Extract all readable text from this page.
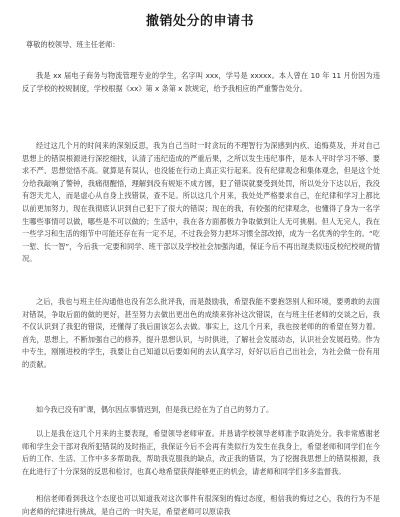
撤销处分的申请书

尊敬的校领导、班主任老师：

我是 xx 届电子商务与物流管理专业的学生，名字叫 xxx，学号是 xxxxx。本人曾在 10 年 11 月份因为违反了学校的校规制度，学校根据《xx》第 x 条第 x 款规定，给予我相应的严重警告处分。

经过这几个月的时间来的深刻反思，我为自己当时一时贪玩的不理智行为深感到内疚、追悔莫及，并对自己思想上的错误根源进行深挖细找，认清了违纪造成的严重后果，之所以发生违纪事件，是本人平时学习不够、要求不严、思想觉悟不高。就算是有误认，也没能在行动上真正实行起来。没有纪律观念和集体观念，但是这个处分给我敲响了警钟，我痛彻醒悟，理解到没有规矩不成方圆，犯了错误就要受到处罚，所以处分下达以后，我没有怨天尤人，而是虚心从自身上找错误，查不足。所以这几个月来，我处处严格要求自己，在纪律和学习上都比以前更加努力，现在我彻底认识到自己犯下了很大的错误；现在的我，有较强的纪律观念，也懂得了身为一名学生哪些事情可以做，哪些是不可以做的；生活中，我在各方面都极力争取做到让人无可挑剔。但人无完人，我在一些学习和生活的细节中可能还存在有一定不足，不过我会努力把坏习惯全部改掉，成为一名优秀的学生的。“吃一堑、长一智”，今后我一定要和同学、班干部以及学校社会加强沟通，保证今后不再出现类似违反校纪校规的情况。

之后，我也与班主任沟通他也没有怎么批评我，而是鼓励我，希望我能不要抱怨别人和环境，要勇敢的去面对错误，争取后面的做的更好，甚至努力去做出更出色的成绩来弥补这次错误，在与班主任老师的交谈之后，我不仅认识到了我犯的错误，还懂得了我后面该怎么去做。事实上，这几个月来，我也按老师的的希望在努力着。首先，思想上，不断加强自己的修养，提升思想认识，与时俱进，了解社会发展动态，认识社会发展趋势。作为中专生，刚刚进校的学生，我要让自己知道以后要如何的去认真学习，好好以后自己出社会，为社会做一份有用的贡献。

如今我已没有旷课，偶尔因点事情迟到，但是我已经在为了自己的努力了。

以上是我在这几个月来的主要表现，希望领导老师审查。并恳请学校领导老师准予取消处分。我非常感谢老师和学生会干部对我所犯错误的及时指正，我保证今后不会再有类似行为发生在我身上，希望老师和同学们在今后的工作、生活、工作中多多帮助我，帮助我克服我的缺点，改正我的错误，为了挖掘我思想上的错误根源，我在此进行了十分深刻的反思和检讨，也真心地希望获得能够更正的机会，请老师和同学们多多监督我。

相信老师看到我这个态度也可以知道我对这次事件有很深刻的悔过态度，相信我的悔过之心，我的行为不是向老师的纪律进行挑战，是自己的一时失足，希望老师可以原谅我
